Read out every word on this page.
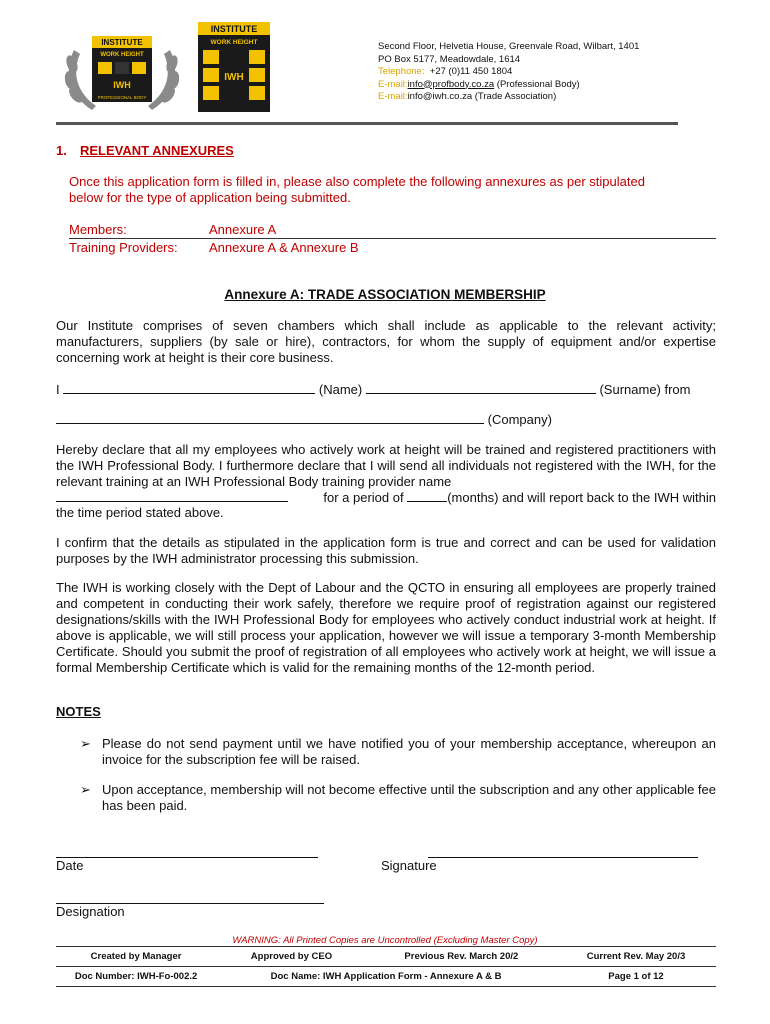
INSTITUTE
WORK HEIGHT
IWH
PROFESSIONAL BODY
INSTITUTE
WORK HEIGHT
IWH
Second Floor, Helvetia House, Greenvale Road, Wilbart, 1401
PO Box 5177, Meadowdale, 1614
Telephone: +27 (0)11 450 1804
E-mail:info@profbody.co.za (Professional Body)
E-mail:info@iwh.co.za (Trade Association)
1. RELEVANT ANNEXURES
Once this application form is filled in, please also complete the following annexures as per stipulated below for the type of application being submitted.
Members:	Annexure A
Training Providers:	Annexure A & Annexure B
Annexure A: TRADE ASSOCIATION MEMBERSHIP
Our Institute comprises of seven chambers which shall include as applicable to the relevant activity; manufacturers, suppliers (by sale or hire), contractors, for whom the supply of equipment and/or expertise concerning work at height is their core business.
I	(Name)	(Surname) from
(Company)
Hereby declare that all my employees who actively work at height will be trained and registered practitioners with the IWH Professional Body. I furthermore declare that I will send all individuals not registered with the IWH, for the relevant training at an IWH Professional Body training provider name
for a period of	(months) and will report back to the IWH within
the time period stated above.
I confirm that the details as stipulated in the application form is true and correct and can be used for validation purposes by the IWH administrator processing this submission.
The IWH is working closely with the Dept of Labour and the QCTO in ensuring all employees are properly trained and competent in conducting their work safely, therefore we require proof of registration against our registered designations/skills with the IWH Professional Body for employees who actively conduct industrial work at height. If above is applicable, we will still process your application, however we will issue a temporary 3-month Membership Certificate. Should you submit the proof of registration of all employees who actively work at height, we will issue a formal Membership Certificate which is valid for the remaining months of the 12-month period.
NOTES
➢ Please do not send payment until we have notified you of your membership acceptance, whereupon an invoice for the subscription fee will be raised.
➢ Upon acceptance, membership will not become effective until the subscription and any other applicable fee has been paid.
Date	Signature
Designation
WARNING: All Printed Copies are Uncontrolled (Excluding Master Copy)
Created by Manager	Approved by CEO	Previous Rev. March 20/2	Current Rev. May 20/3
Doc Number: IWH-Fo-002.2	Doc Name: IWH Application Form - Annexure A & B		Page 1 of 12
